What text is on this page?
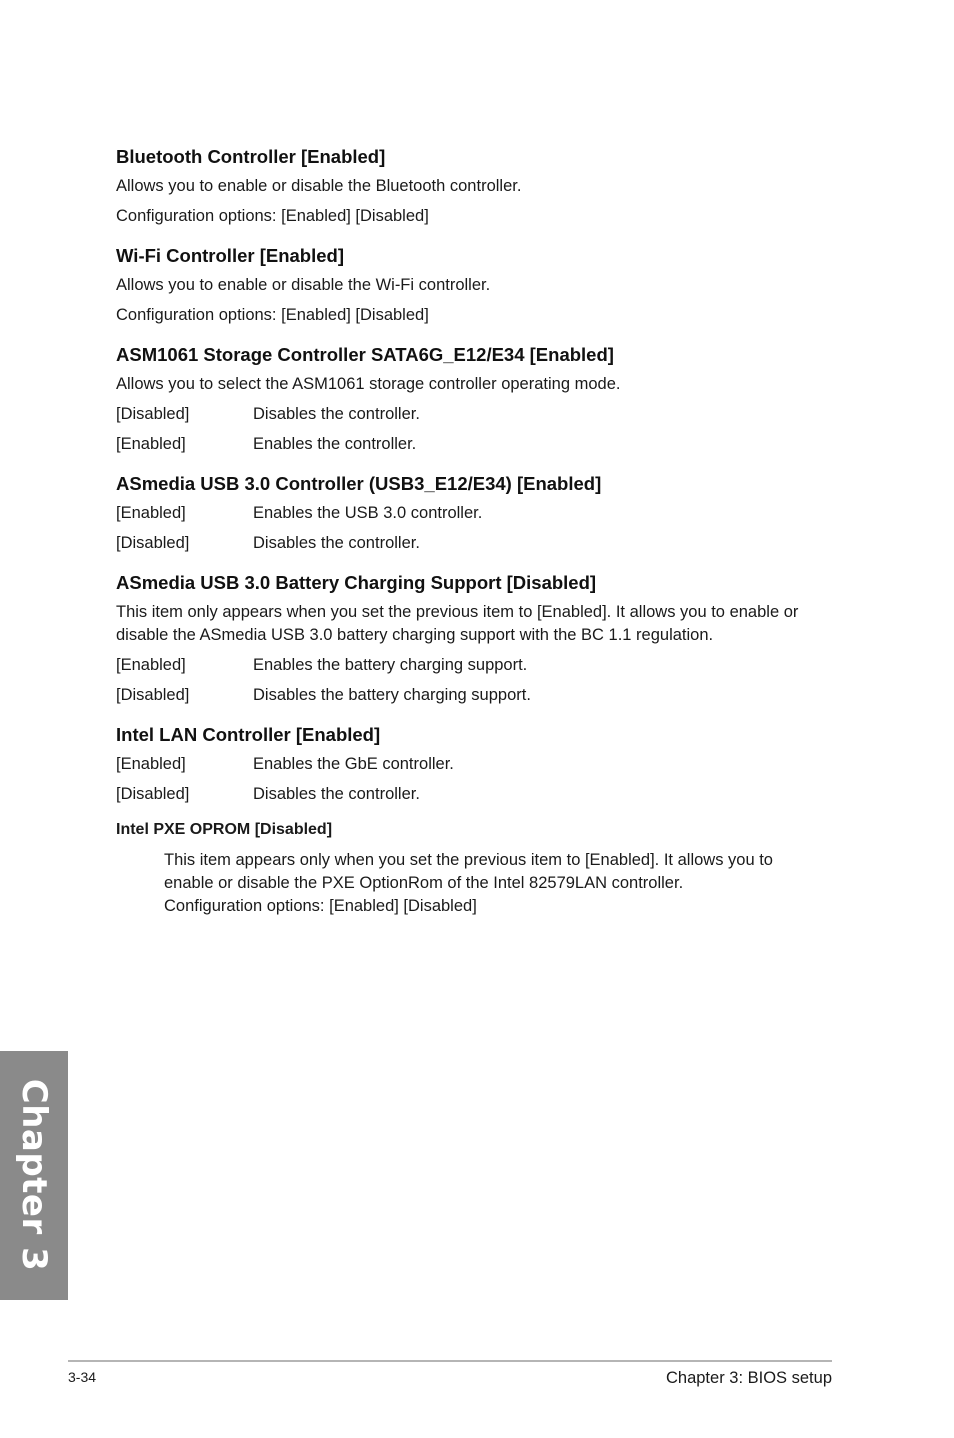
Bluetooth Controller [Enabled]

Allows you to enable or disable the Bluetooth controller.

Configuration options: [Enabled] [Disabled]

Wi-Fi Controller [Enabled]

Allows you to enable or disable the Wi-Fi controller.

Configuration options: [Enabled] [Disabled]

ASM1061 Storage Controller SATA6G_E12/E34 [Enabled]

Allows you to select the ASM1061 storage controller operating mode.

[Disabled]	Disables the controller.
[Enabled]	Enables the controller.

ASmedia USB 3.0 Controller (USB3_E12/E34) [Enabled]

[Enabled]	Enables the USB 3.0 controller.
[Disabled]	Disables the controller.

ASmedia USB 3.0 Battery Charging Support [Disabled]

This item only appears when you set the previous item to [Enabled]. It allows you to enable or disable the ASmedia USB 3.0 battery charging support with the BC 1.1 regulation.

[Enabled]	Enables the battery charging support.
[Disabled]	Disables the battery charging support.

Intel LAN Controller [Enabled]

[Enabled]	Enables the GbE controller.
[Disabled]	Disables the controller.

Intel PXE OPROM [Disabled]

This item appears only when you set the previous item to [Enabled]. It allows you to

enable or disable the PXE OptionRom of the Intel 82579LAN controller.

Configuration options: [Enabled] [Disabled]

Chapter 3
3-34	Chapter 3: BIOS setup
